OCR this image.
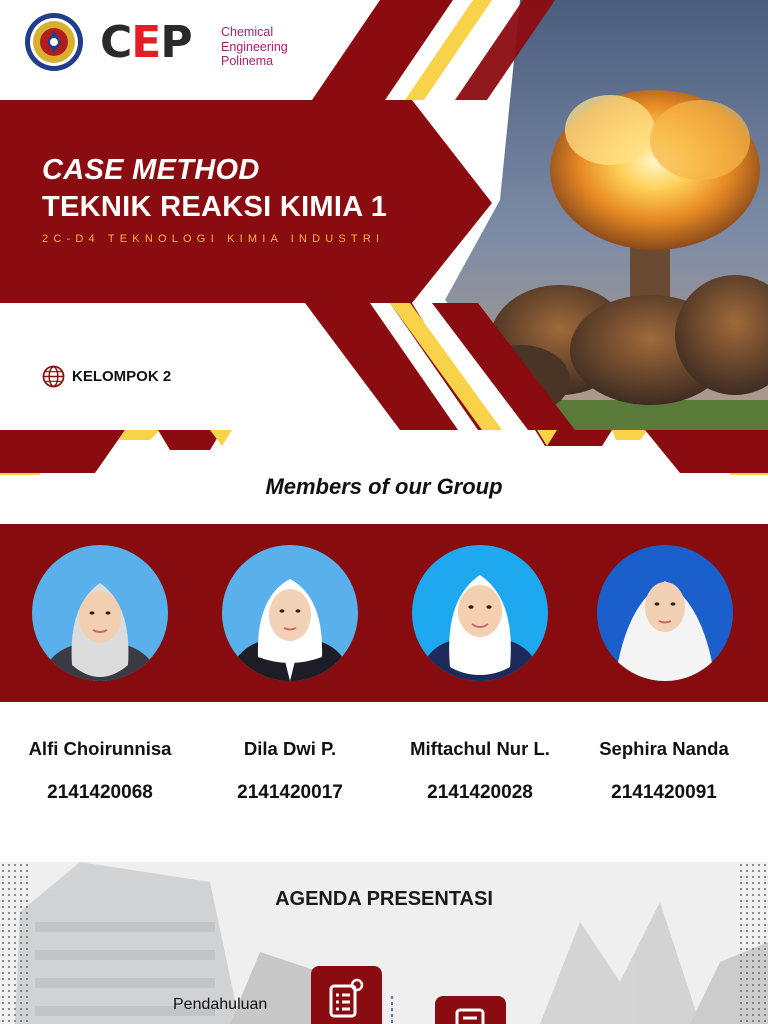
CEP Chemical
Engineering
Polinema
CASE METHOD
TEKNIK REAKSI KIMIA 1
2C-D4 TEKNOLOGI KIMIA INDUSTRI
KELOMPOK 2
Members of our Group
Alfi Choirunnisa	Dila Dwi P.	Miftachul Nur L.	Sephira Nanda
2141420068	2141420017	2141420028	2141420091
AGENDA PRESENTASI
Pendahuluan
